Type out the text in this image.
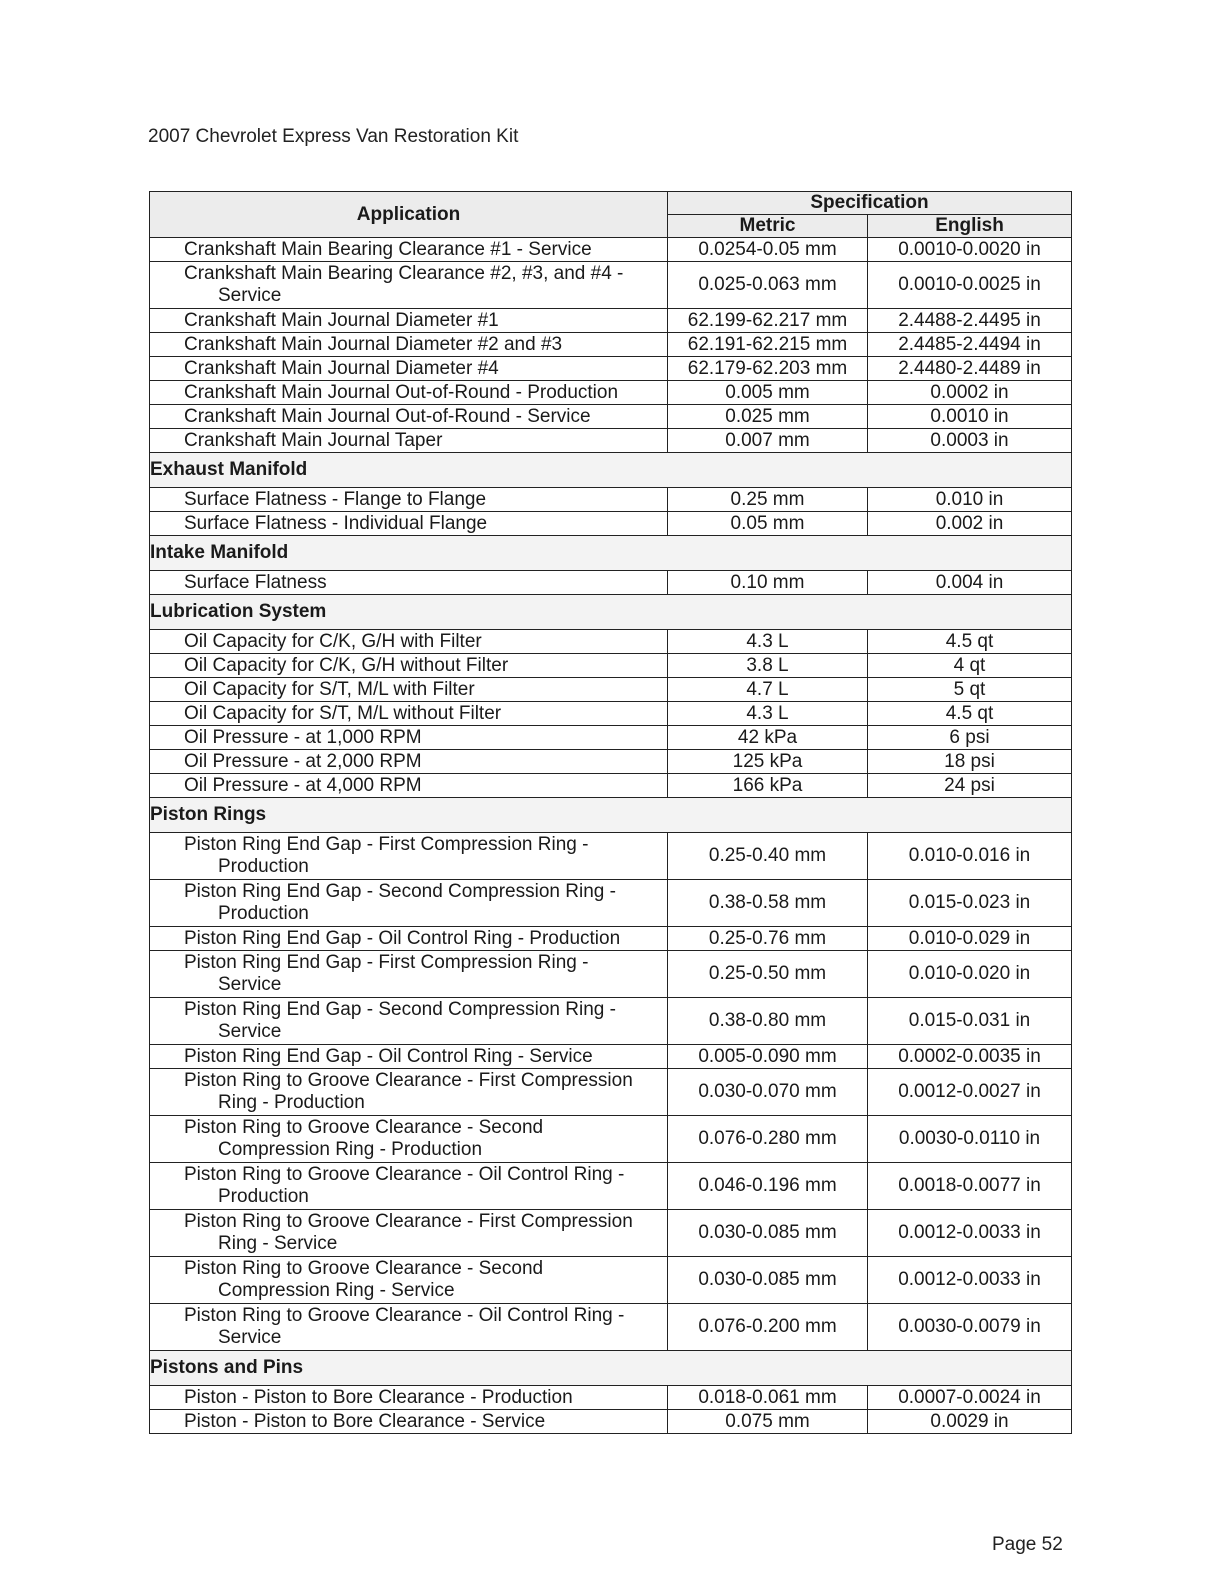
2007 Chevrolet Express Van Restoration Kit
Application	Specification	
	Metric	English

Crankshaft Main Bearing Clearance #1 - Service	0.0254-0.05 mm	0.0010-0.0020 in

Crankshaft Main Bearing Clearance #2, #3, and #4 -
Service	0.025-0.063 mm	0.0010-0.0025 in

Crankshaft Main Journal Diameter #1	62.199-62.217 mm	2.4488-2.4495 in

Crankshaft Main Journal Diameter #2 and #3	62.191-62.215 mm	2.4485-2.4494 in

Crankshaft Main Journal Diameter #4	62.179-62.203 mm	2.4480-2.4489 in

Crankshaft Main Journal Out-of-Round - Production	0.005 mm	0.0002 in

Crankshaft Main Journal Out-of-Round - Service	0.025 mm	0.0010 in

Crankshaft Main Journal Taper	0.007 mm	0.0003 in
Exhaust Manifold		

Surface Flatness - Flange to Flange	0.25 mm	0.010 in

Surface Flatness - Individual Flange	0.05 mm	0.002 in
Intake Manifold		

Surface Flatness	0.10 mm	0.004 in
Lubrication System		

Oil Capacity for C/K, G/H with Filter	4.3 L	4.5 qt

Oil Capacity for C/K, G/H without Filter	3.8 L	4 qt

Oil Capacity for S/T, M/L with Filter	4.7 L	5 qt

Oil Capacity for S/T, M/L without Filter	4.3 L	4.5 qt

Oil Pressure - at 1,000 RPM	42 kPa	6 psi

Oil Pressure - at 2,000 RPM	125 kPa	18 psi

Oil Pressure - at 4,000 RPM	166 kPa	24 psi
Piston Rings		

Piston Ring End Gap - First Compression Ring -
Production	0.25-0.40 mm	0.010-0.016 in

Piston Ring End Gap - Second Compression Ring -
Production	0.38-0.58 mm	0.015-0.023 in

Piston Ring End Gap - Oil Control Ring - Production	0.25-0.76 mm	0.010-0.029 in

Piston Ring End Gap - First Compression Ring -
Service	0.25-0.50 mm	0.010-0.020 in

Piston Ring End Gap - Second Compression Ring -
Service	0.38-0.80 mm	0.015-0.031 in

Piston Ring End Gap - Oil Control Ring - Service	0.005-0.090 mm	0.0002-0.0035 in

Piston Ring to Groove Clearance - First Compression
Ring - Production	0.030-0.070 mm	0.0012-0.0027 in

Piston Ring to Groove Clearance - Second
Compression Ring - Production	0.076-0.280 mm	0.0030-0.0110 in

Piston Ring to Groove Clearance - Oil Control Ring -
Production	0.046-0.196 mm	0.0018-0.0077 in

Piston Ring to Groove Clearance - First Compression
Ring - Service	0.030-0.085 mm	0.0012-0.0033 in

Piston Ring to Groove Clearance - Second
Compression Ring - Service	0.030-0.085 mm	0.0012-0.0033 in

Piston Ring to Groove Clearance - Oil Control Ring -
Service	0.076-0.200 mm	0.0030-0.0079 in
Pistons and Pins		

Piston - Piston to Bore Clearance - Production	0.018-0.061 mm	0.0007-0.0024 in

Piston - Piston to Bore Clearance - Service	0.075 mm	0.0029 in
Page 52
